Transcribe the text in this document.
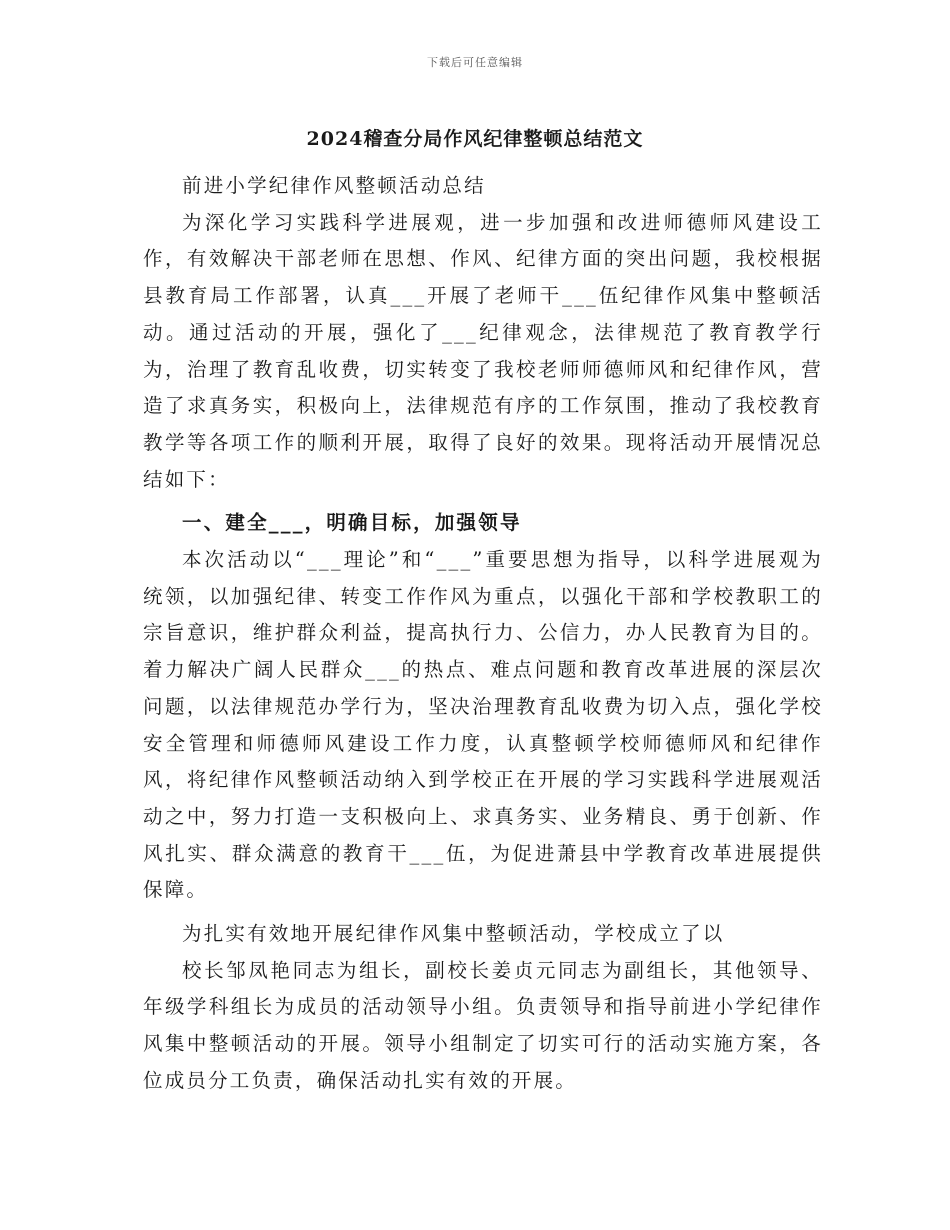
下载后可任意编辑
2024稽查分局作风纪律整顿总结范文

前进小学纪律作风整顿活动总结

为深化学习实践科学进展观，进一步加强和改进师德师风建设工作，有效解决干部老师在思想、作风、纪律方面的突出问题，我校根据县教育局工作部署，认真___开展了老师干___伍纪律作风集中整顿活动。通过活动的开展，强化了___纪律观念，法律规范了教育教学行为，治理了教育乱收费，切实转变了我校老师师德师风和纪律作风，营造了求真务实，积极向上，法律规范有序的工作氛围，推动了我校教育教学等各项工作的顺利开展，取得了良好的效果。现将活动开展情况总结如下：

一、建全___，明确目标，加强领导

本次活动以“___理论”和“___”重要思想为指导，以科学进展观为统领，以加强纪律、转变工作作风为重点，以强化干部和学校教职工的宗旨意识，维护群众利益，提高执行力、公信力，办人民教育为目的。着力解决广阔人民群众___的热点、难点问题和教育改革进展的深层次问题，以法律规范办学行为，坚决治理教育乱收费为切入点，强化学校安全管理和师德师风建设工作力度，认真整顿学校师德师风和纪律作风，将纪律作风整顿活动纳入到学校正在开展的学习实践科学进展观活动之中，努力打造一支积极向上、求真务实、业务精良、勇于创新、作风扎实、群众满意的教育干___伍，为促进萧县中学教育改革进展提供保障。

为扎实有效地开展纪律作风集中整顿活动，学校成立了以

校长邹凤艳同志为组长，副校长姜贞元同志为副组长，其他领导、年级学科组长为成员的活动领导小组。负责领导和指导前进小学纪律作风集中整顿活动的开展。领导小组制定了切实可行的活动实施方案，各位成员分工负责，确保活动扎实有效的开展。
